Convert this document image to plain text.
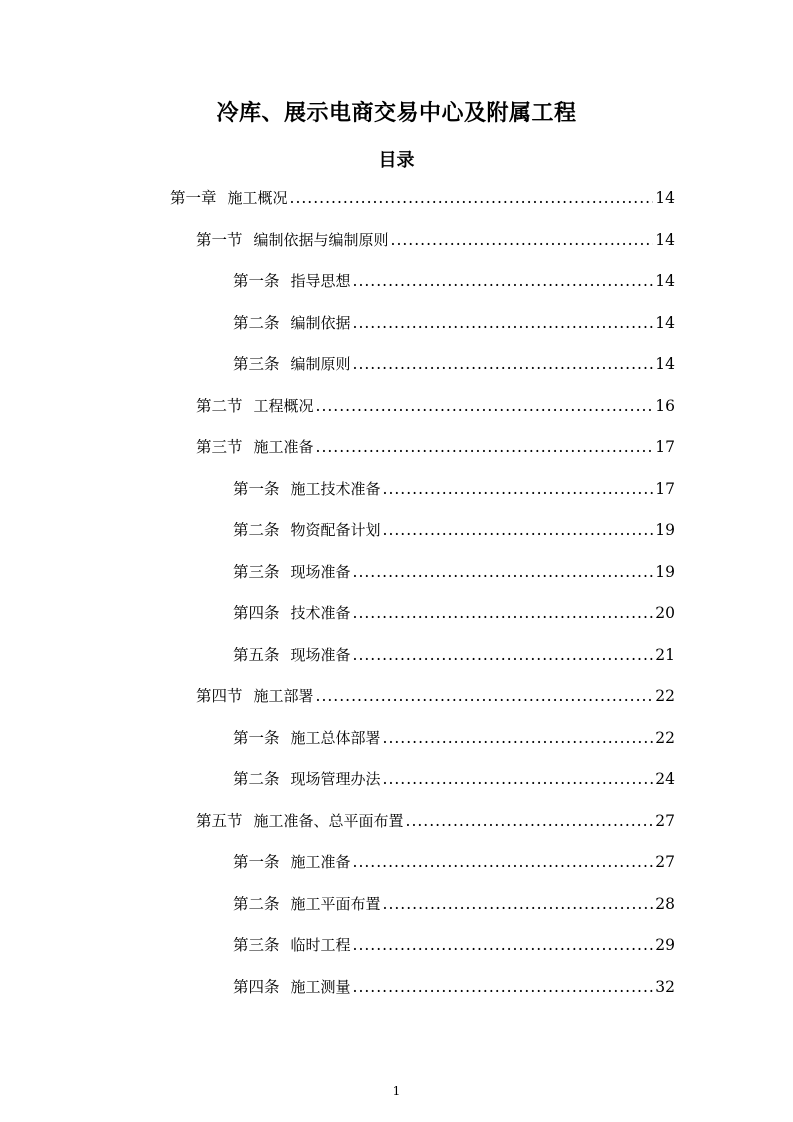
冷库、展示电商交易中心及附属工程
目录
第一章 施工概况 .....	14
第一节 编制依据与编制原则 .....	14
第一条 指导思想 .....	14
第二条 编制依据 .....	14
第三条 编制原则 .....	14
第二节 工程概况 .....	16
第三节 施工准备 .....	17
第一条 施工技术准备 .....	17
第二条 物资配备计划 .....	19
第三条 现场准备 .....	19
第四条 技术准备 .....	20
第五条 现场准备 .....	21
第四节 施工部署 .....	22
第一条 施工总体部署 .....	22
第二条 现场管理办法 .....	24
第五节 施工准备、总平面布置 .....	27
第一条 施工准备 .....	27
第二条 施工平面布置 .....	28
第三条 临时工程 .....	29
第四条 施工测量 .....	32
1
